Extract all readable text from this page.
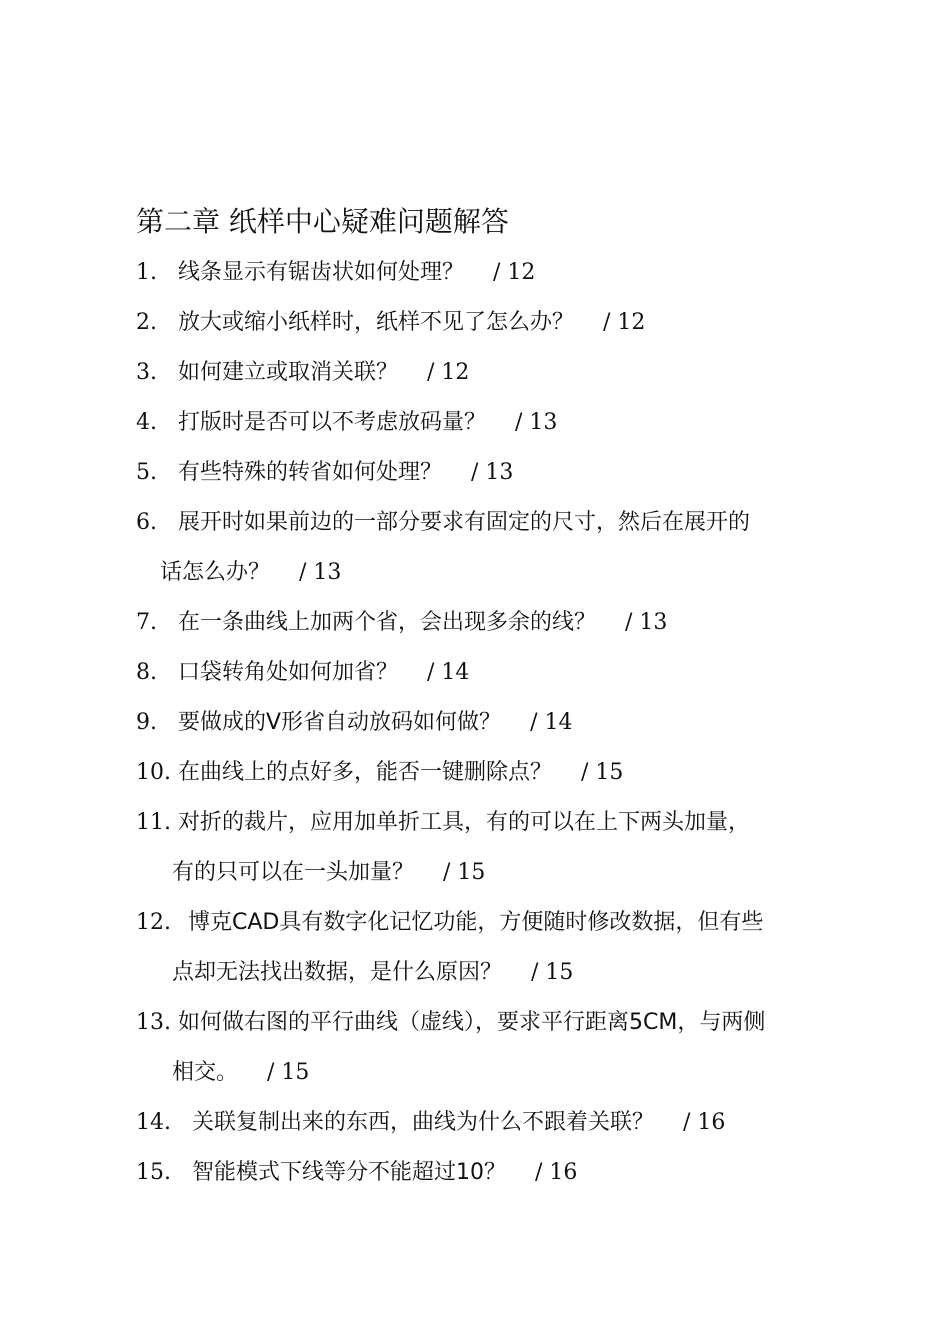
第二章 纸样中心疑难问题解答
1. 线条显示有锯齿状如何处理？ / 12
2. 放大或缩小纸样时，纸样不见了怎么办？ / 12
3. 如何建立或取消关联？ / 12
4. 打版时是否可以不考虑放码量？ / 13
5. 有些特殊的转省如何处理？ / 13
6. 展开时如果前边的一部分要求有固定的尺寸，然后在展开的
话怎么办？ / 13
7. 在一条曲线上加两个省，会出现多余的线？ / 13
8. 口袋转角处如何加省？ / 14
9. 要做成的V形省自动放码如何做？ / 14
10. 在曲线上的点好多，能否一键删除点？ / 15
11. 对折的裁片，应用加单折工具，有的可以在上下两头加量，
有的只可以在一头加量？ / 15
12. 博克CAD具有数字化记忆功能，方便随时修改数据，但有些
点却无法找出数据，是什么原因？ / 15
13. 如何做右图的平行曲线（虚线），要求平行距离5CM，与两侧
相交。 / 15
14. 关联复制出来的东西，曲线为什么不跟着关联？ / 16
15. 智能模式下线等分不能超过10？ / 16
